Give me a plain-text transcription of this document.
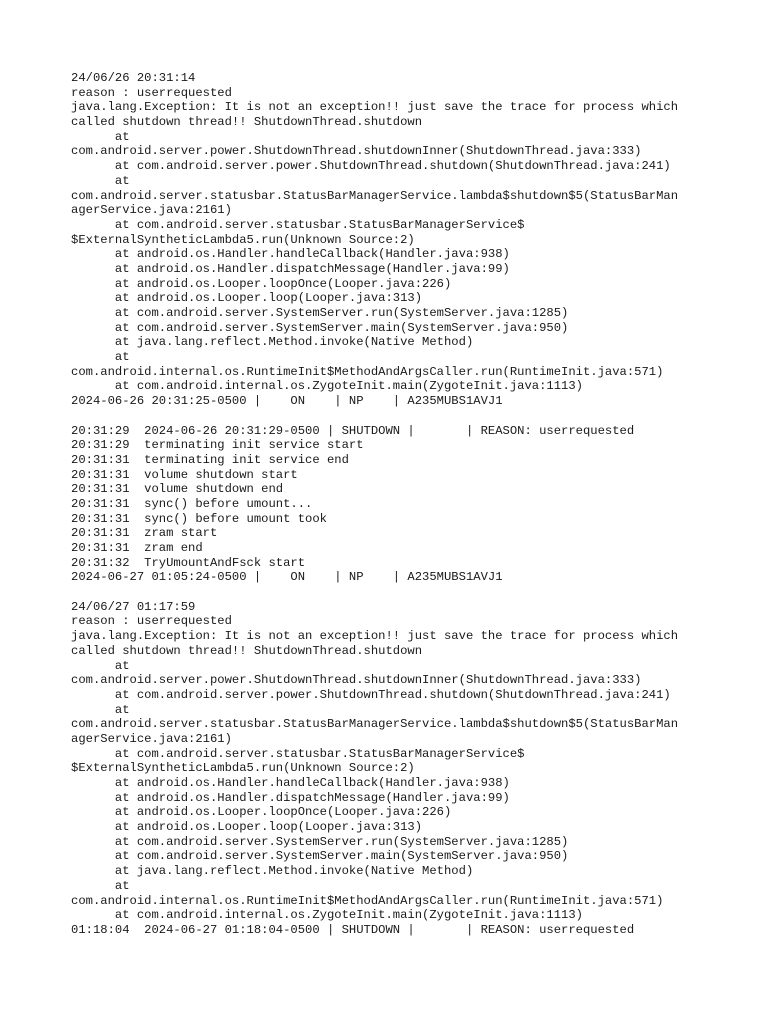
24/06/26 20:31:14
reason : userrequested
java.lang.Exception: It is not an exception!! just save the trace for process which
called shutdown thread!! ShutdownThread.shutdown
at
com.android.server.power.ShutdownThread.shutdownInner(ShutdownThread.java:333)
at com.android.server.power.ShutdownThread.shutdown(ShutdownThread.java:241)
at
com.android.server.statusbar.StatusBarManagerService.lambda$shutdown$5(StatusBarMan
agerService.java:2161)
at com.android.server.statusbar.StatusBarManagerService$
$ExternalSyntheticLambda5.run(Unknown Source:2)
at android.os.Handler.handleCallback(Handler.java:938)
at android.os.Handler.dispatchMessage(Handler.java:99)
at android.os.Looper.loopOnce(Looper.java:226)
at android.os.Looper.loop(Looper.java:313)
at com.android.server.SystemServer.run(SystemServer.java:1285)
at com.android.server.SystemServer.main(SystemServer.java:950)
at java.lang.reflect.Method.invoke(Native Method)
at
com.android.internal.os.RuntimeInit$MethodAndArgsCaller.run(RuntimeInit.java:571)
at com.android.internal.os.ZygoteInit.main(ZygoteInit.java:1113)
2024-06-26 20:31:25-0500 |    ON    | NP    | A235MUBS1AVJ1
20:31:29  2024-06-26 20:31:29-0500 | SHUTDOWN |       | REASON: userrequested
20:31:29  terminating init service start
20:31:31  terminating init service end
20:31:31  volume shutdown start
20:31:31  volume shutdown end
20:31:31  sync() before umount...
20:31:31  sync() before umount took
20:31:31  zram start
20:31:31  zram end
20:31:32  TryUmountAndFsck start
2024-06-27 01:05:24-0500 |    ON    | NP    | A235MUBS1AVJ1
24/06/27 01:17:59
reason : userrequested
java.lang.Exception: It is not an exception!! just save the trace for process which
called shutdown thread!! ShutdownThread.shutdown
at
com.android.server.power.ShutdownThread.shutdownInner(ShutdownThread.java:333)
at com.android.server.power.ShutdownThread.shutdown(ShutdownThread.java:241)
at
com.android.server.statusbar.StatusBarManagerService.lambda$shutdown$5(StatusBarMan
agerService.java:2161)
at com.android.server.statusbar.StatusBarManagerService$
$ExternalSyntheticLambda5.run(Unknown Source:2)
at android.os.Handler.handleCallback(Handler.java:938)
at android.os.Handler.dispatchMessage(Handler.java:99)
at android.os.Looper.loopOnce(Looper.java:226)
at android.os.Looper.loop(Looper.java:313)
at com.android.server.SystemServer.run(SystemServer.java:1285)
at com.android.server.SystemServer.main(SystemServer.java:950)
at java.lang.reflect.Method.invoke(Native Method)
at
com.android.internal.os.RuntimeInit$MethodAndArgsCaller.run(RuntimeInit.java:571)
at com.android.internal.os.ZygoteInit.main(ZygoteInit.java:1113)
01:18:04  2024-06-27 01:18:04-0500 | SHUTDOWN |       | REASON: userrequested
